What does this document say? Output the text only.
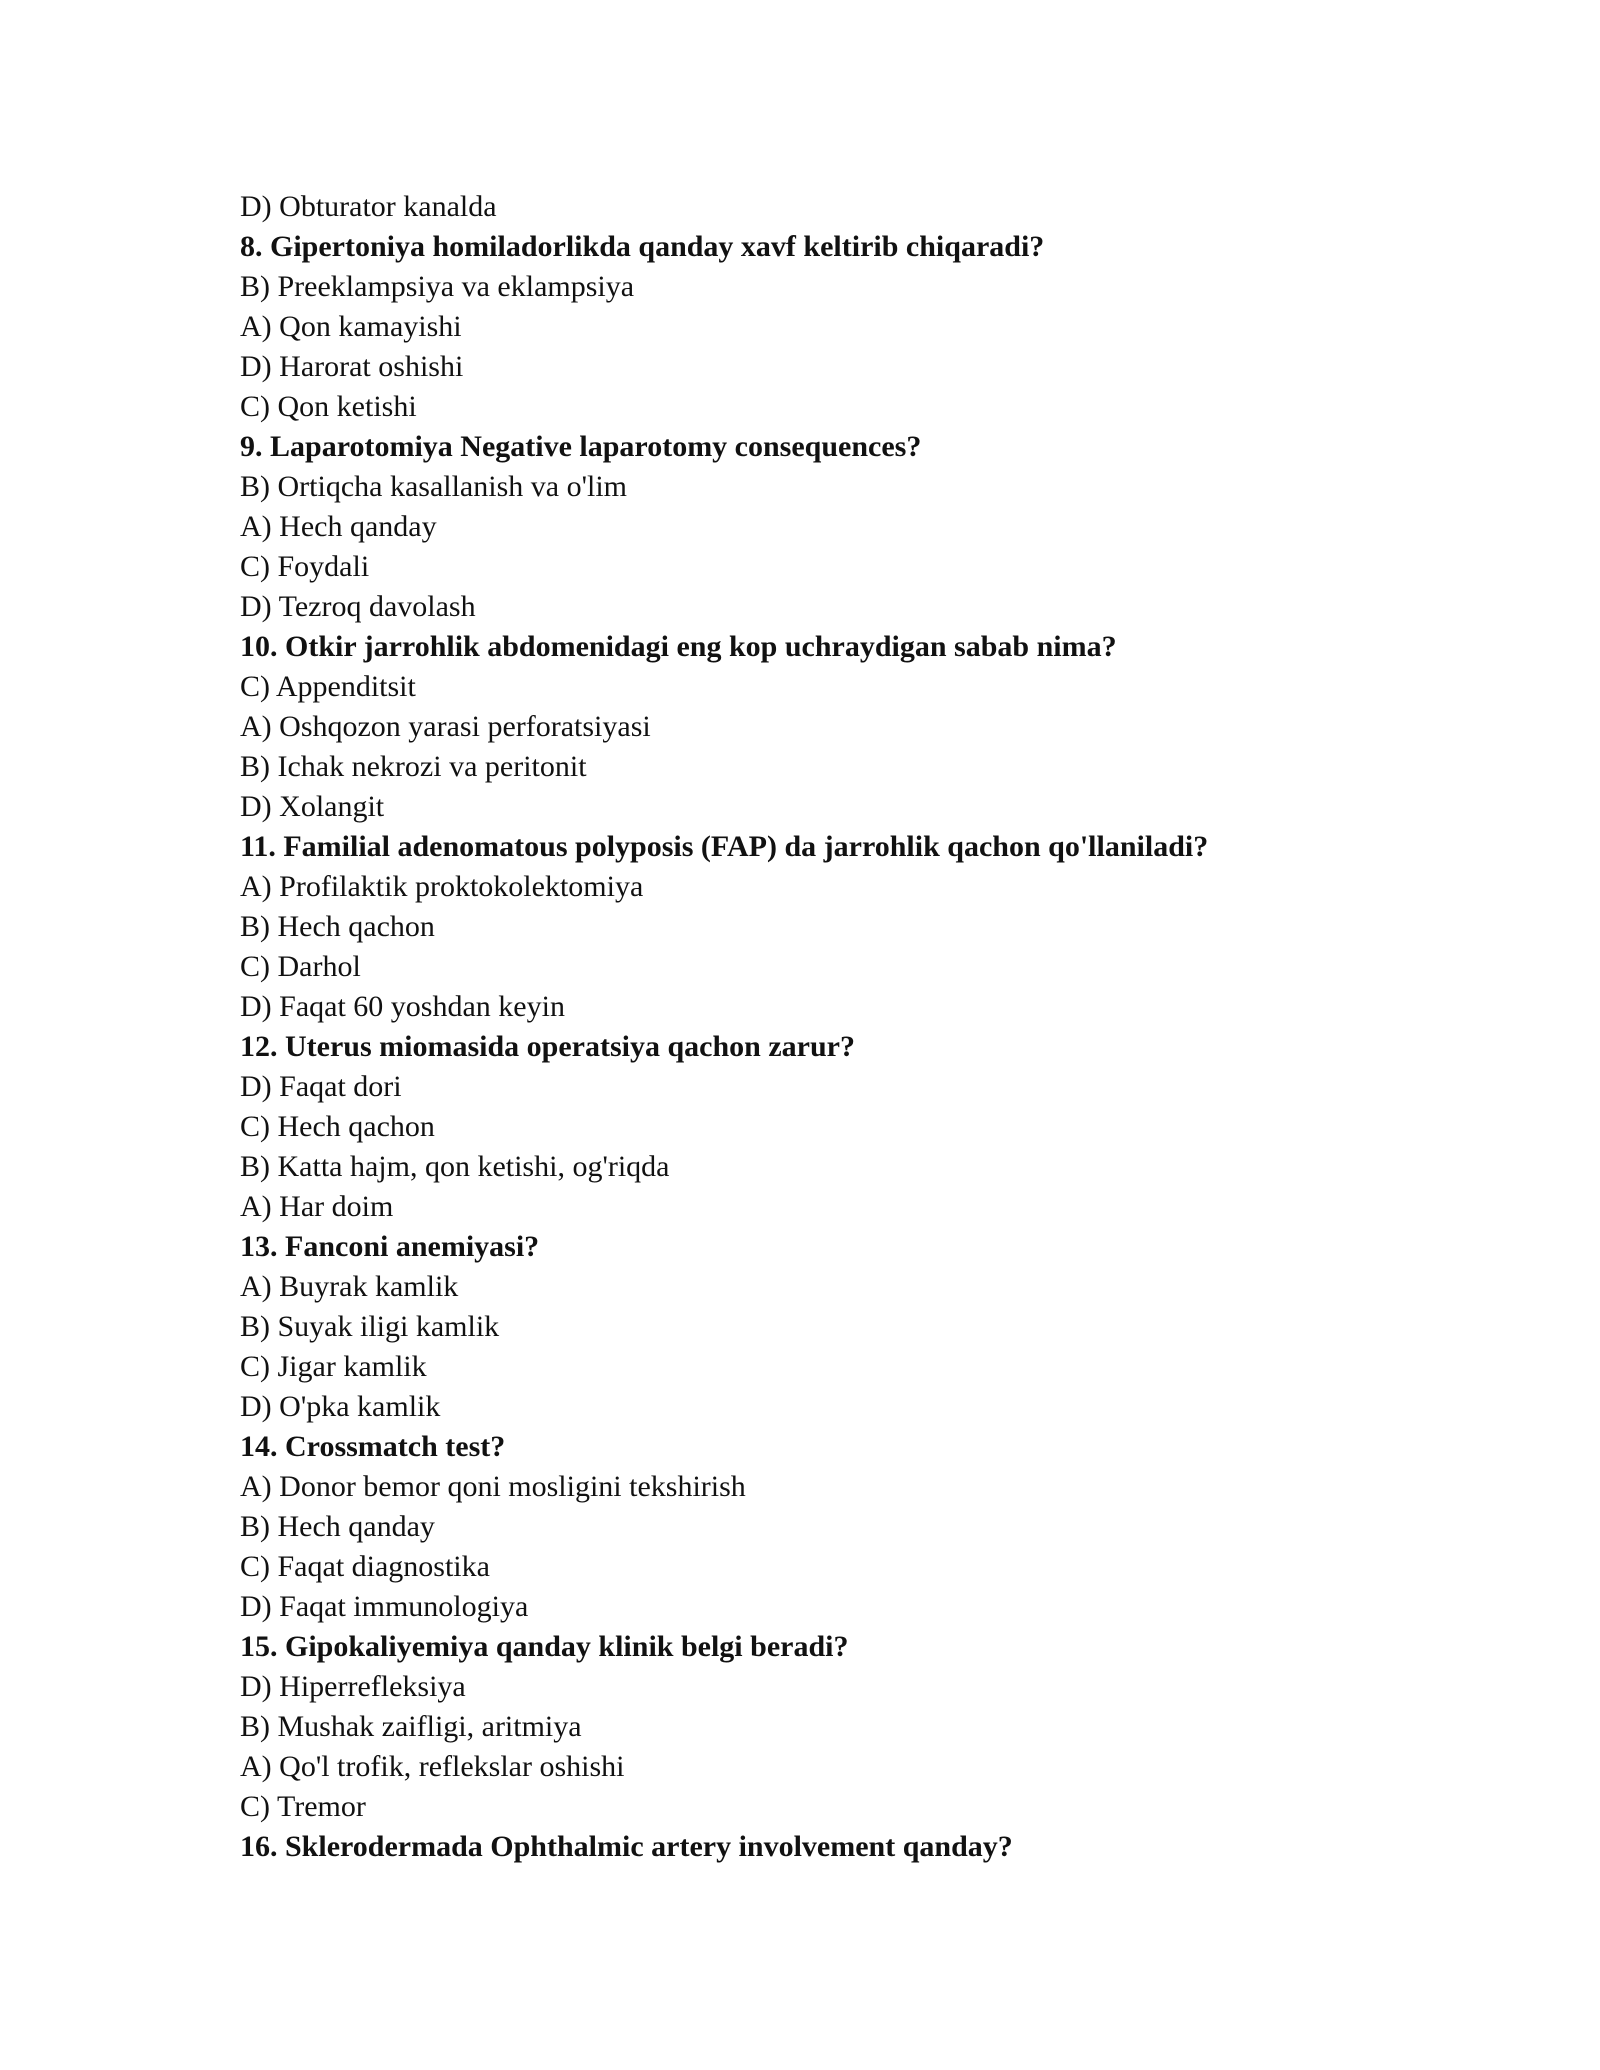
D) Obturator kanalda
8. Gipertoniya homiladorlikda qanday xavf keltirib chiqaradi?
B) Preeklampsiya va eklampsiya
A) Qon kamayishi
D) Harorat oshishi
C) Qon ketishi
9. Laparotomiya Negative laparotomy consequences?
B) Ortiqcha kasallanish va o'lim
A) Hech qanday
C) Foydali
D) Tezroq davolash
10. Otkir jarrohlik abdomenidagi eng kop uchraydigan sabab nima?
C) Appenditsit
A) Oshqozon yarasi perforatsiyasi
B) Ichak nekrozi va peritonit
D) Xolangit
11. Familial adenomatous polyposis (FAP) da jarrohlik qachon qo'llaniladi?
A) Profilaktik proktokolektomiya
B) Hech qachon
C) Darhol
D) Faqat 60 yoshdan keyin
12. Uterus miomasida operatsiya qachon zarur?
D) Faqat dori
C) Hech qachon
B) Katta hajm, qon ketishi, og'riqda
A) Har doim
13. Fanconi anemiyasi?
A) Buyrak kamlik
B) Suyak iligi kamlik
C) Jigar kamlik
D) O'pka kamlik
14. Crossmatch test?
A) Donor bemor qoni mosligini tekshirish
B) Hech qanday
C) Faqat diagnostika
D) Faqat immunologiya
15. Gipokaliyemiya qanday klinik belgi beradi?
D) Hiperrefleksiya
B) Mushak zaifligi, aritmiya
A) Qo'l trofik, reflekslar oshishi
C) Tremor
16. Sklerodermada Ophthalmic artery involvement qanday?
